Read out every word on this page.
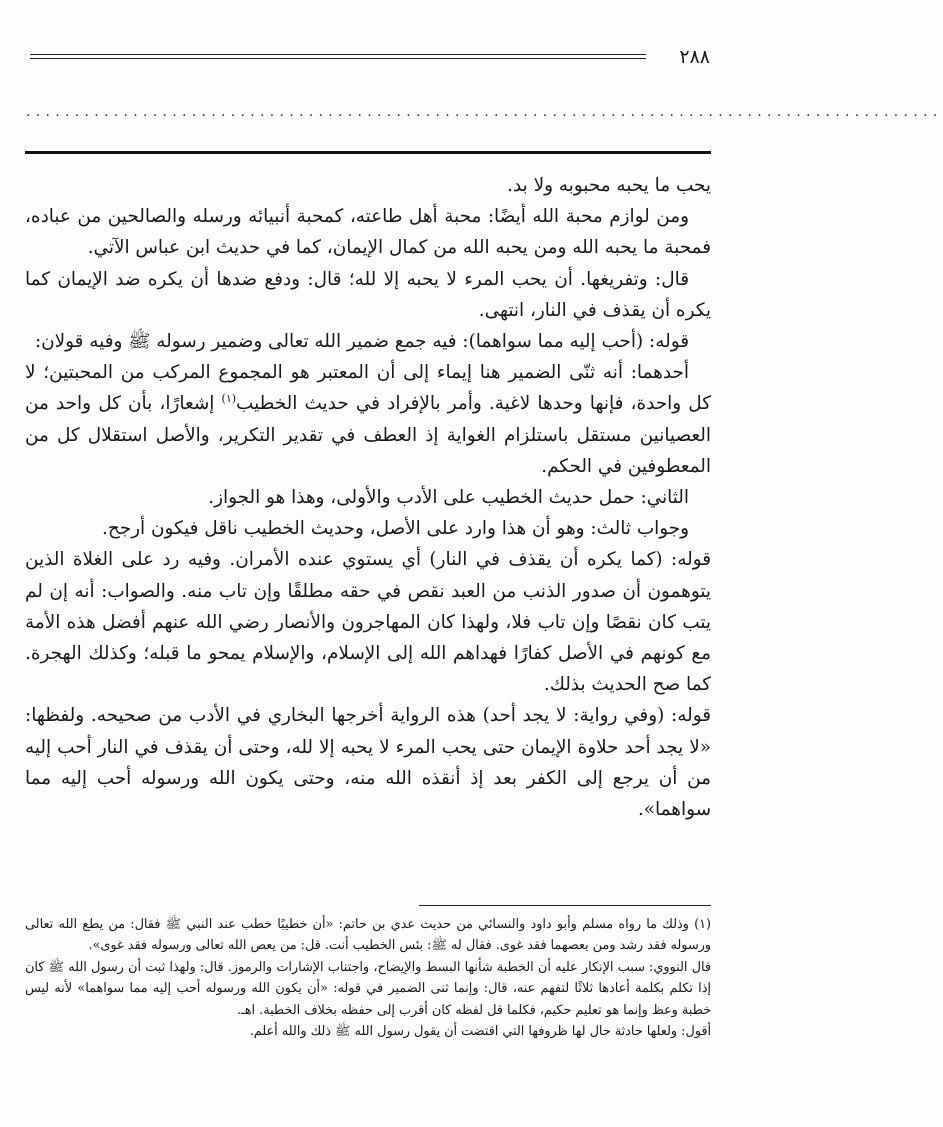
٢٨٨
..............................................................................................

يحب ما يحبه محبوبه ولا بد.

ومن لوازم محبة الله أيضًا: محبة أهل طاعته، كمحبة أنبيائه ورسله والصالحين من عباده، فمحبة ما يحبه الله ومن يحبه الله من كمال الإيمان، كما في حديث ابن عباس الآتي.

قال: وتفريغها. أن يحب المرء لا يحبه إلا لله؛ قال: ودفع ضدها أن يكره ضد الإيمان كما يكره أن يقذف في النار، انتهى.

قوله: (أحب إليه مما سواهما): فيه جمع ضمير الله تعالى وضمير رسوله ﷺ وفيه قولان:

أحدهما: أنه ثنّى الضمير هنا إيماء إلى أن المعتبر هو المجموع المركب من المحبتين؛ لا كل واحدة، فإنها وحدها لاغية. وأمر بالإفراد في حديث الخطيب$^{(١)}$ إشعارًا، بأن كل واحد من العصيانين مستقل باستلزام الغواية إذ العطف في تقدير التكرير، والأصل استقلال كل من المعطوفين في الحكم.

الثاني: حمل حديث الخطيب على الأدب والأولى، وهذا هو الجواز.

وجواب ثالث: وهو أن هذا وارد على الأصل، وحديث الخطيب ناقل فيكون أرجح.

قوله: (كما يكره أن يقذف في النار) أي يستوي عنده الأمران. وفيه رد على الغلاة الذين يتوهمون أن صدور الذنب من العبد نقص في حقه مطلقًا وإن تاب منه. والصواب: أنه إن لم يتب كان نقصًا وإن تاب فلا، ولهذا كان المهاجرون والأنصار رضي الله عنهم أفضل هذه الأمة مع كونهم في الأصل كفارًا فهداهم الله إلى الإسلام، والإسلام يمحو ما قبله؛ وكذلك الهجرة. كما صح الحديث بذلك.

قوله: (وفي رواية: لا يجد أحد) هذه الرواية أخرجها البخاري في الأدب من صحيحه. ولفظها: «لا يجد أحد حلاوة الإيمان حتى يحب المرء لا يحبه إلا لله، وحتى أن يقذف في النار أحب إليه من أن يرجع إلى الكفر بعد إذ أنقذه الله منه، وحتى يكون الله ورسوله أحب إليه مما سواهما».

(١) وذلك ما رواه مسلم وأبو داود والنسائي من حديث عدي بن حاتم: «أن خطيبًا خطب عند النبي ﷺ فقال: من يطع الله تعالى ورسوله فقد رشد ومن يعصهما فقد غوى. فقال له ﷺ: بئس الخطيب أنت. قل: من يعص الله تعالى ورسوله فقد غوى».

قال النووي: سبب الإنكار عليه أن الخطبة شأنها البسط والإيضاح، واجتناب الإشارات والرموز. قال: ولهذا ثبت أن رسول الله ﷺ كان إذا تكلم بكلمة أعادها ثلاثًا لتفهم عنه، قال: وإنما ثنى الضمير في قوله: «أن يكون الله ورسوله أحب إليه مما سواهما» لأنه ليس خطبة وعظ وإنما هو تعليم حكيم، فكلما قل لفظه كان أقرب إلى حفظه بخلاف الخطبة. اهـ.

أقول: ولعلها حادثة حال لها ظروفها التي اقتضت أن يقول رسول الله ﷺ ذلك والله أعلم.
